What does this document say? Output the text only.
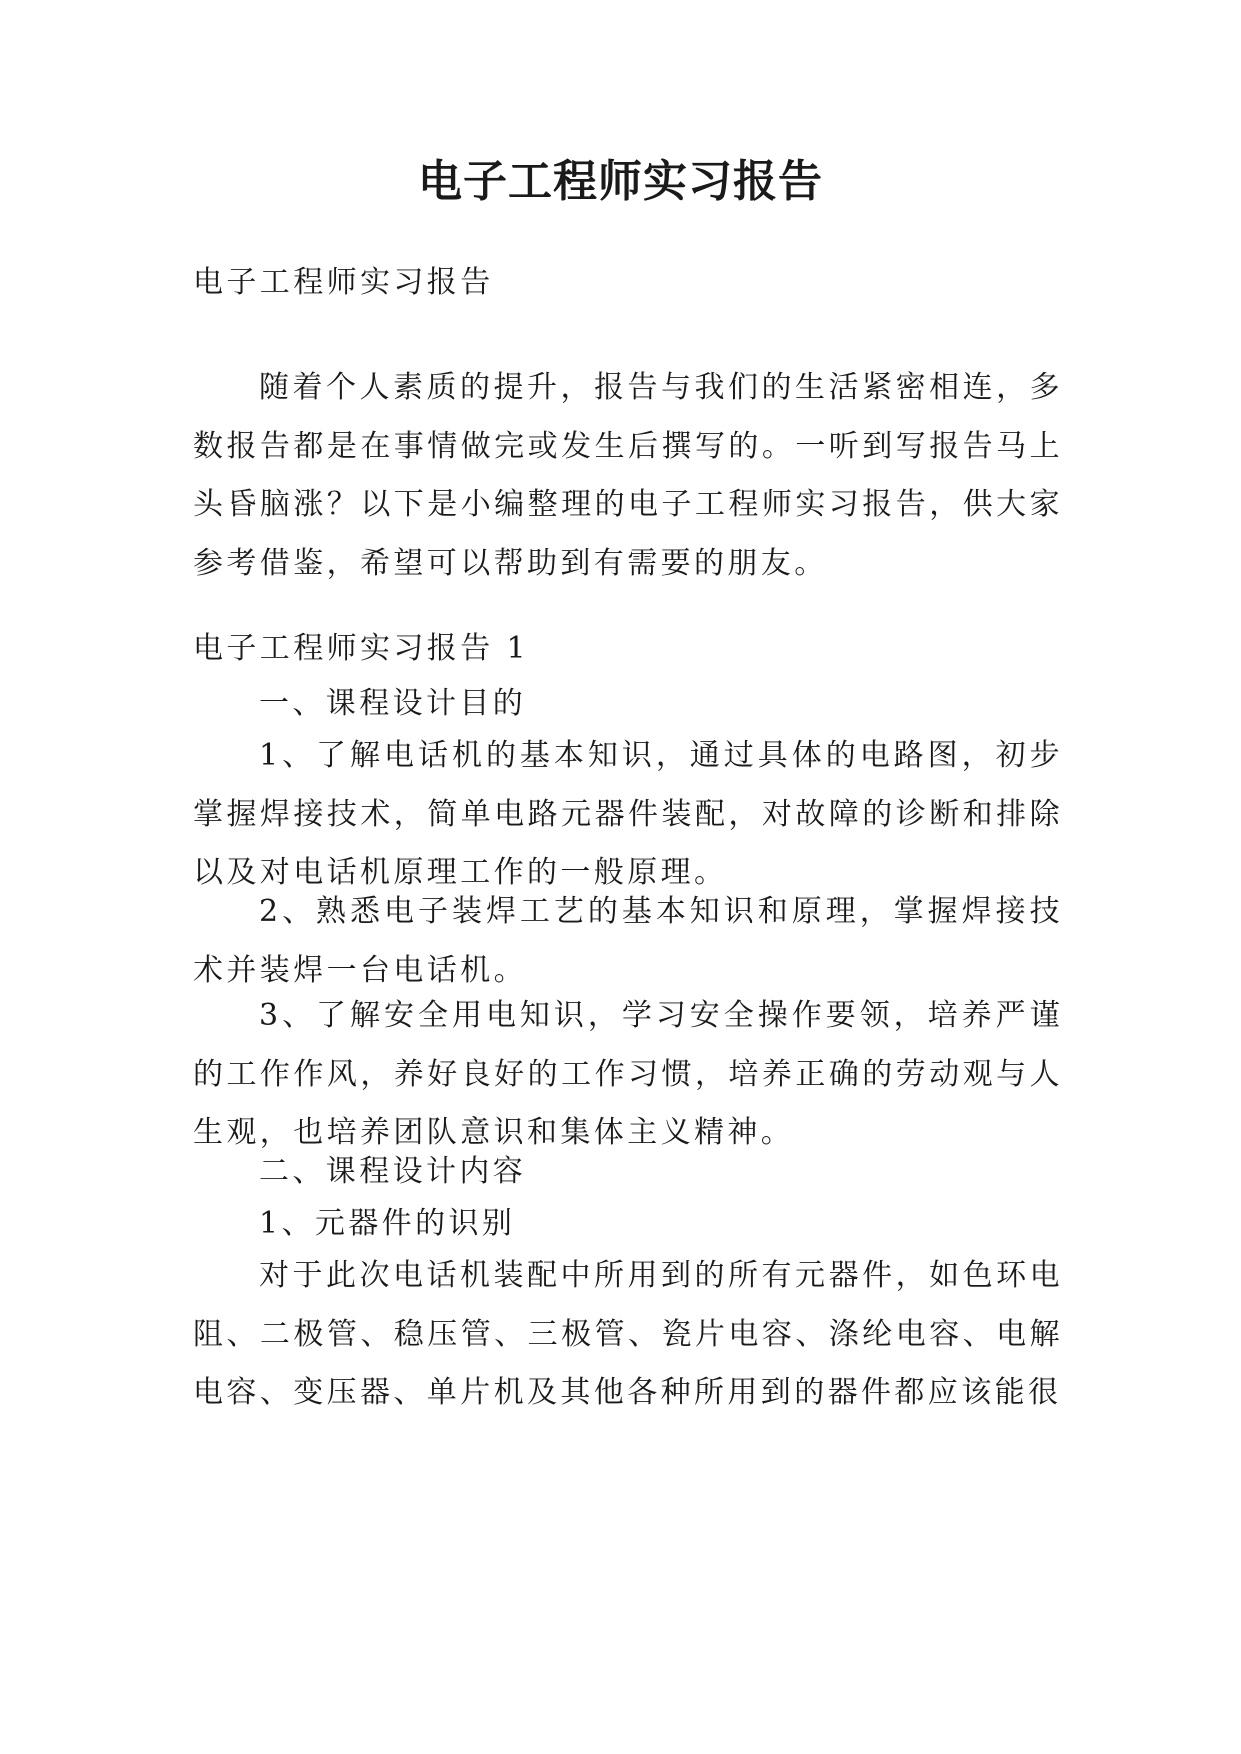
电子工程师实习报告

电子工程师实习报告

随着个人素质的提升，报告与我们的生活紧密相连，多数报告都是在事情做完或发生后撰写的。一听到写报告马上头昏脑涨？以下是小编整理的电子工程师实习报告，供大家参考借鉴，希望可以帮助到有需要的朋友。

电子工程师实习报告 1

一、课程设计目的

1、了解电话机的基本知识，通过具体的电路图，初步掌握焊接技术，简单电路元器件装配，对故障的诊断和排除以及对电话机原理工作的一般原理。

2、熟悉电子装焊工艺的基本知识和原理，掌握焊接技术并装焊一台电话机。

3、了解安全用电知识，学习安全操作要领，培养严谨的工作作风，养好良好的工作习惯，培养正确的劳动观与人生观，也培养团队意识和集体主义精神。

二、课程设计内容

1、元器件的识别

对于此次电话机装配中所用到的所有元器件，如色环电阻、二极管、稳压管、三极管、瓷片电容、涤纶电容、电解电容、变压器、单片机及其他各种所用到的器件都应该能很
